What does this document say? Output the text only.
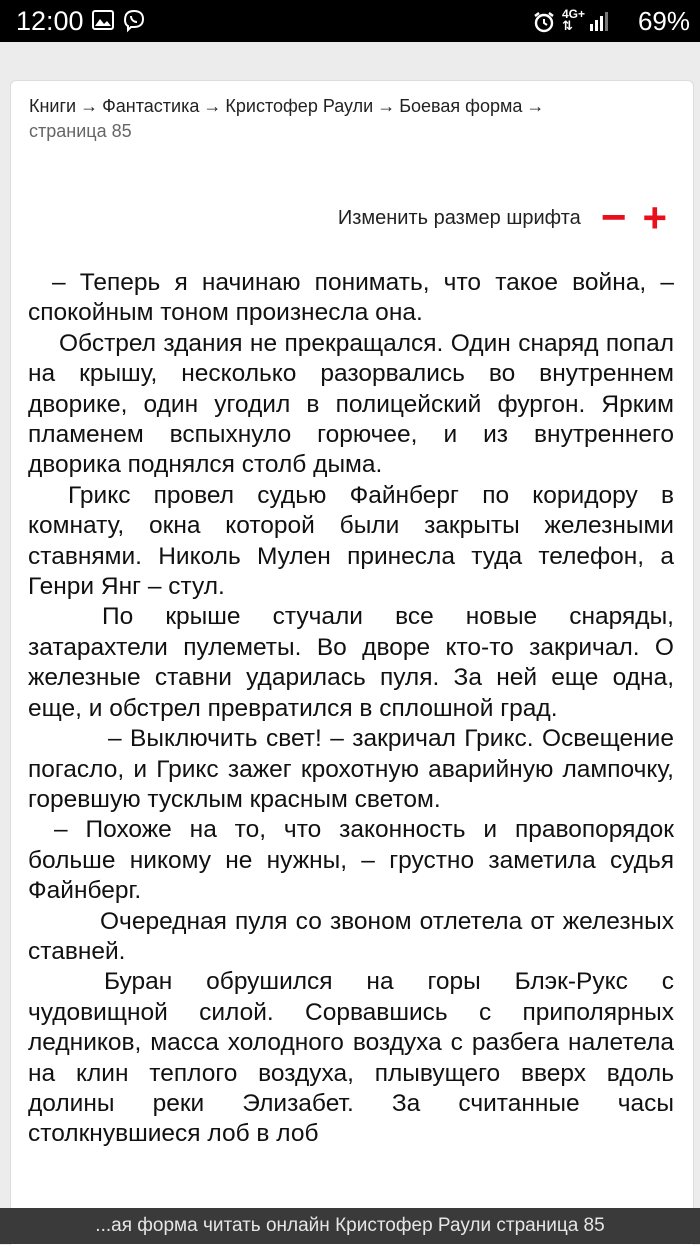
12:00	4G+
⇅	69%
Книги → Фантастика → Кристофер Раули → Боевая форма →
страница 85
Изменить размер шрифта − +

– Теперь я начинаю понимать, что такое война, – спокойным тоном произнесла она.

Обстрел здания не прекращался. Один снаряд попал на крышу, несколько разорвались во внутреннем дворике, один угодил в полицейский фургон. Ярким пламенем вспыхнуло горючее, и из внутреннего дворика поднялся столб дыма.

Грикс провел судью Файнберг по коридору в комнату, окна которой были закрыты железными ставнями. Николь Мулен принесла туда телефон, а Генри Янг – стул.

По крыше стучали все новые снаряды, затарахтели пулеметы. Во дворе кто-то закричал. О железные ставни ударилась пуля. За ней еще одна, еще, и обстрел превратился в сплошной град.

– Выключить свет! – закричал Грикс. Освещение погасло, и Грикс зажег крохотную аварийную лампочку, горевшую тусклым красным светом.

– Похоже на то, что законность и правопорядок больше никому не нужны, – грустно заметила судья Файнберг.

Очередная пуля со звоном отлетела от железных ставней.

Буран обрушился на горы Блэк-Рукс с чудовищной силой. Сорвавшись с приполярных ледников, масса холодного воздуха с разбега налетела на клин теплого воздуха, плывущего вверх вдоль долины реки Элизабет. За считанные часы столкнувшиеся лоб в лоб

...ая форма читать онлайн Кристофер Раули страница 85
